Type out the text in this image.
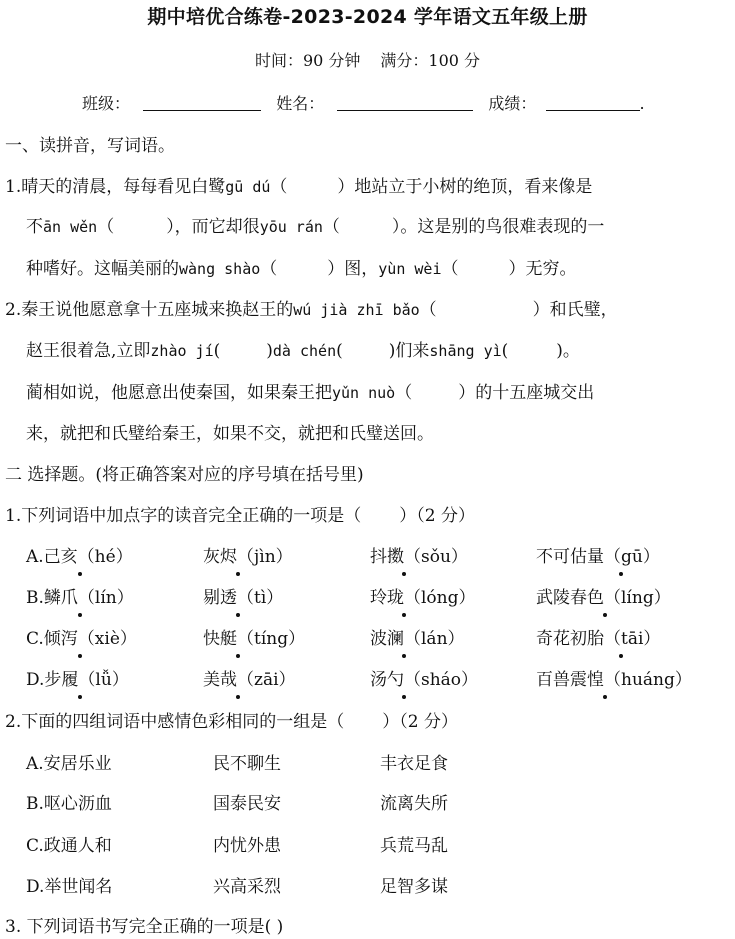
期中培优合练卷-2023-2024 学年语文五年级上册
时间：90 分钟 满分：100 分
班级：	姓名：	成绩：	.
一、读拼音，写词语。
1.晴天的清晨，每每看见白鹭gū dú（	）地站立于小树的绝顶，看来像是
不ān wěn（	），而它却很yōu rán（	）。这是别的鸟很难表现的一
种嗜好。这幅美丽的wàng shào（	）图，yùn wèi（	）无穷。
2.秦王说他愿意拿十五座城来换赵王的wú jià zhī bǎo（	）和氏璧，
赵王很着急,立即zhào jí(	)dà chén(	)们来shāng yì(	)。
蔺相如说，他愿意出使秦国，如果秦王把yǔn nuò（	）的十五座城交出
来，就把和氏璧给秦王，如果不交，就把和氏璧送回。
二 选择题。(将正确答案对应的序号填在括号里)
1.下列词语中加点字的读音完全正确的一项是（ ）（2 分）
A.己亥（hé）	灰烬（jìn）	抖擞（sǒu）	不可估量（gū）
B.鳞爪（lín）	剔透（tì）	玲珑（lóng）	武陵春色（líng）
C.倾泻（xiè）	快艇（tíng）	波澜（lán）	奇花初胎（tāi）
D.步履（lǚ）	美哉（zāi）	汤勺（sháo）	百兽震惶（huáng）
2.下面的四组词语中感情色彩相同的一组是（ ）（2 分）
A.安居乐业	民不聊生	丰衣足食
B.呕心沥血	国泰民安	流离失所
C.政通人和	内忧外患	兵荒马乱
D.举世闻名	兴高采烈	足智多谋
3. 下列词语书写完全正确的一项是( )
